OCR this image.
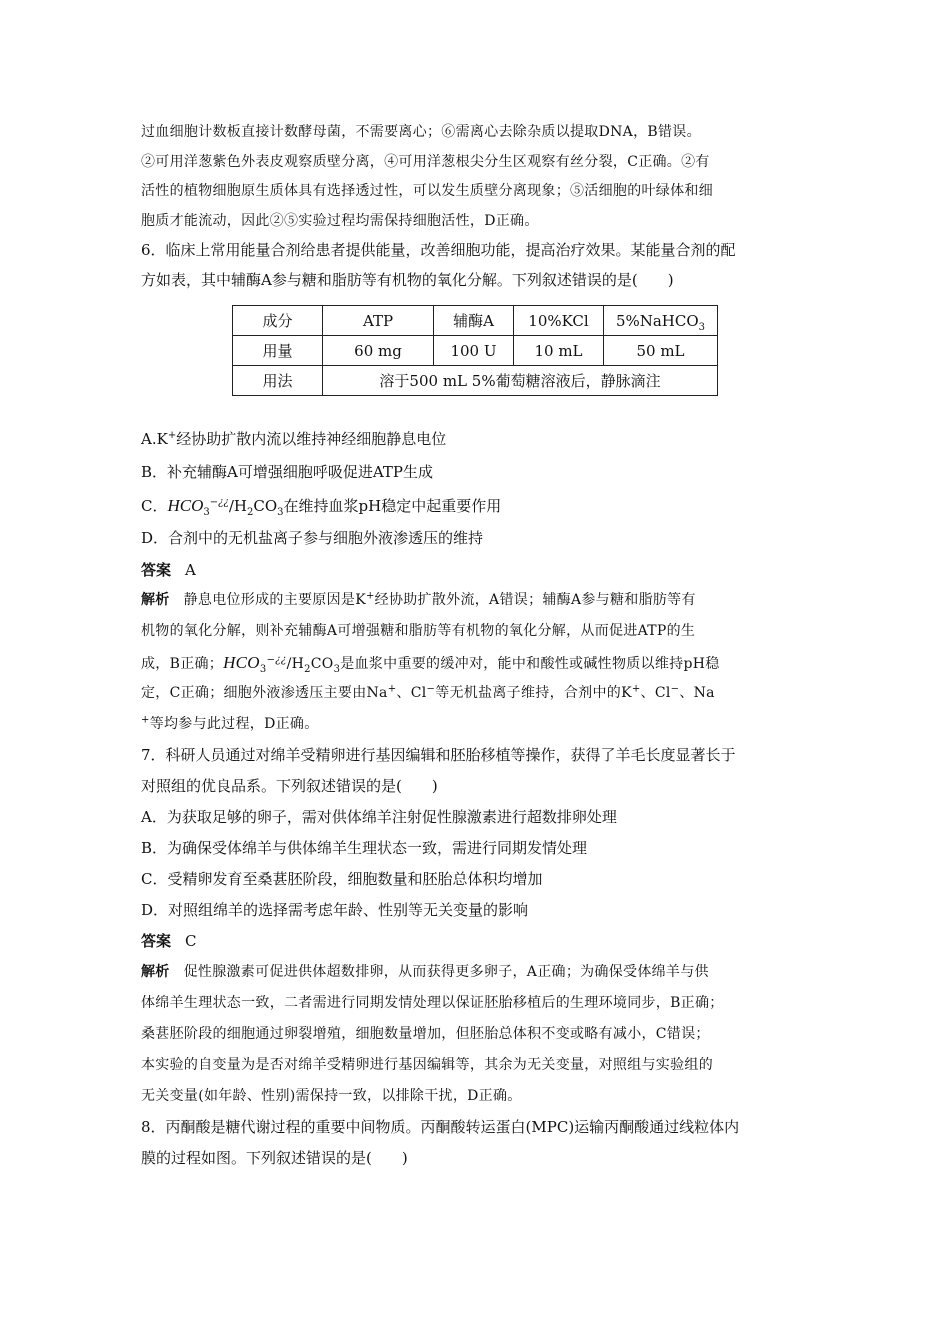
过血细胞计数板直接计数酵母菌，不需要离心；⑥需离心去除杂质以提取DNA，B错误。
②可用洋葱紫色外表皮观察质壁分离，④可用洋葱根尖分生区观察有丝分裂，C正确。②有
活性的植物细胞原生质体具有选择透过性，可以发生质壁分离现象；⑤活细胞的叶绿体和细
胞质才能流动，因此②⑤实验过程均需保持细胞活性，D正确。
6．临床上常用能量合剂给患者提供能量，改善细胞功能，提高治疗效果。某能量合剂的配
方如表，其中辅酶A参与糖和脂肪等有机物的氧化分解。下列叙述错误的是(　　)
成分	ATP	辅酶A	10%KCl	5%NaHCO$_3$
用量	60 mg	100 U	10 mL	50 mL
用法	溶于500 mL 5%葡萄糖溶液后，静脉滴注			
A.K+经协助扩散内流以维持神经细胞静息电位
B．补充辅酶A可增强细胞呼吸促进ATP生成
C．$HCO_3^{-¿¿}/H_2CO_3$在维持血浆pH稳定中起重要作用
D．合剂中的无机盐离子参与细胞外液渗透压的维持
答案 A
解析 静息电位形成的主要原因是K+经协助扩散外流，A错误；辅酶A参与糖和脂肪等有
机物的氧化分解，则补充辅酶A可增强糖和脂肪等有机物的氧化分解，从而促进ATP的生
成，B正确；$HCO_3^{-¿¿}/H_2CO_3$是血浆中重要的缓冲对，能中和酸性或碱性物质以维持pH稳
定，C正确；细胞外液渗透压主要由Na+、Cl−等无机盐离子维持，合剂中的K+、Cl−、Na
+等均参与此过程，D正确。
7．科研人员通过对绵羊受精卵进行基因编辑和胚胎移植等操作，获得了羊毛长度显著长于
对照组的优良品系。下列叙述错误的是(　　)
A．为获取足够的卵子，需对供体绵羊注射促性腺激素进行超数排卵处理
B．为确保受体绵羊与供体绵羊生理状态一致，需进行同期发情处理
C．受精卵发育至桑葚胚阶段，细胞数量和胚胎总体积均增加
D．对照组绵羊的选择需考虑年龄、性别等无关变量的影响
答案 C
解析 促性腺激素可促进供体超数排卵，从而获得更多卵子，A正确；为确保受体绵羊与供
体绵羊生理状态一致，二者需进行同期发情处理以保证胚胎移植后的生理环境同步，B正确；
桑葚胚阶段的细胞通过卵裂增殖，细胞数量增加，但胚胎总体积不变或略有减小，C错误；
本实验的自变量为是否对绵羊受精卵进行基因编辑等，其余为无关变量，对照组与实验组的
无关变量(如年龄、性别)需保持一致，以排除干扰，D正确。
8．丙酮酸是糖代谢过程的重要中间物质。丙酮酸转运蛋白(MPC)运输丙酮酸通过线粒体内
膜的过程如图。下列叙述错误的是(　　)
